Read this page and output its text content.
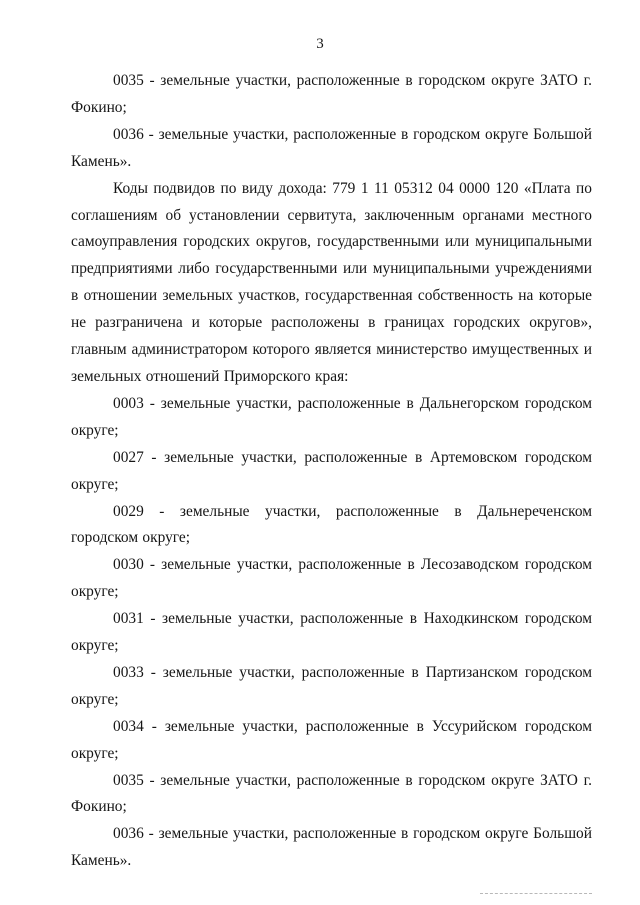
3

0035 - земельные участки, расположенные в городском округе ЗАТО г. Фокино;

0036 - земельные участки, расположенные в городском округе Большой Камень».

Коды подвидов по виду дохода: 779 1 11 05312 04 0000 120 «Плата по соглашениям об установлении сервитута, заключенным органами местного самоуправления городских округов, государственными или муниципальными предприятиями либо государственными или муниципальными учреждениями в отношении земельных участков, государственная собственность на которые не разграничена и которые расположены в границах городских округов», главным администратором которого является министерство имущественных и земельных отношений Приморского края:

0003 - земельные участки, расположенные в Дальнегорском городском округе;

0027 - земельные участки, расположенные в Артемовском городском округе;

0029 - земельные участки, расположенные в Дальнереченском городском округе;

0030 - земельные участки, расположенные в Лесозаводском городском округе;

0031 - земельные участки, расположенные в Находкинском городском округе;

0033 - земельные участки, расположенные в Партизанском городском округе;

0034 - земельные участки, расположенные в Уссурийском городском округе;

0035 - земельные участки, расположенные в городском округе ЗАТО г. Фокино;

0036 - земельные участки, расположенные в городском округе Большой Камень».
